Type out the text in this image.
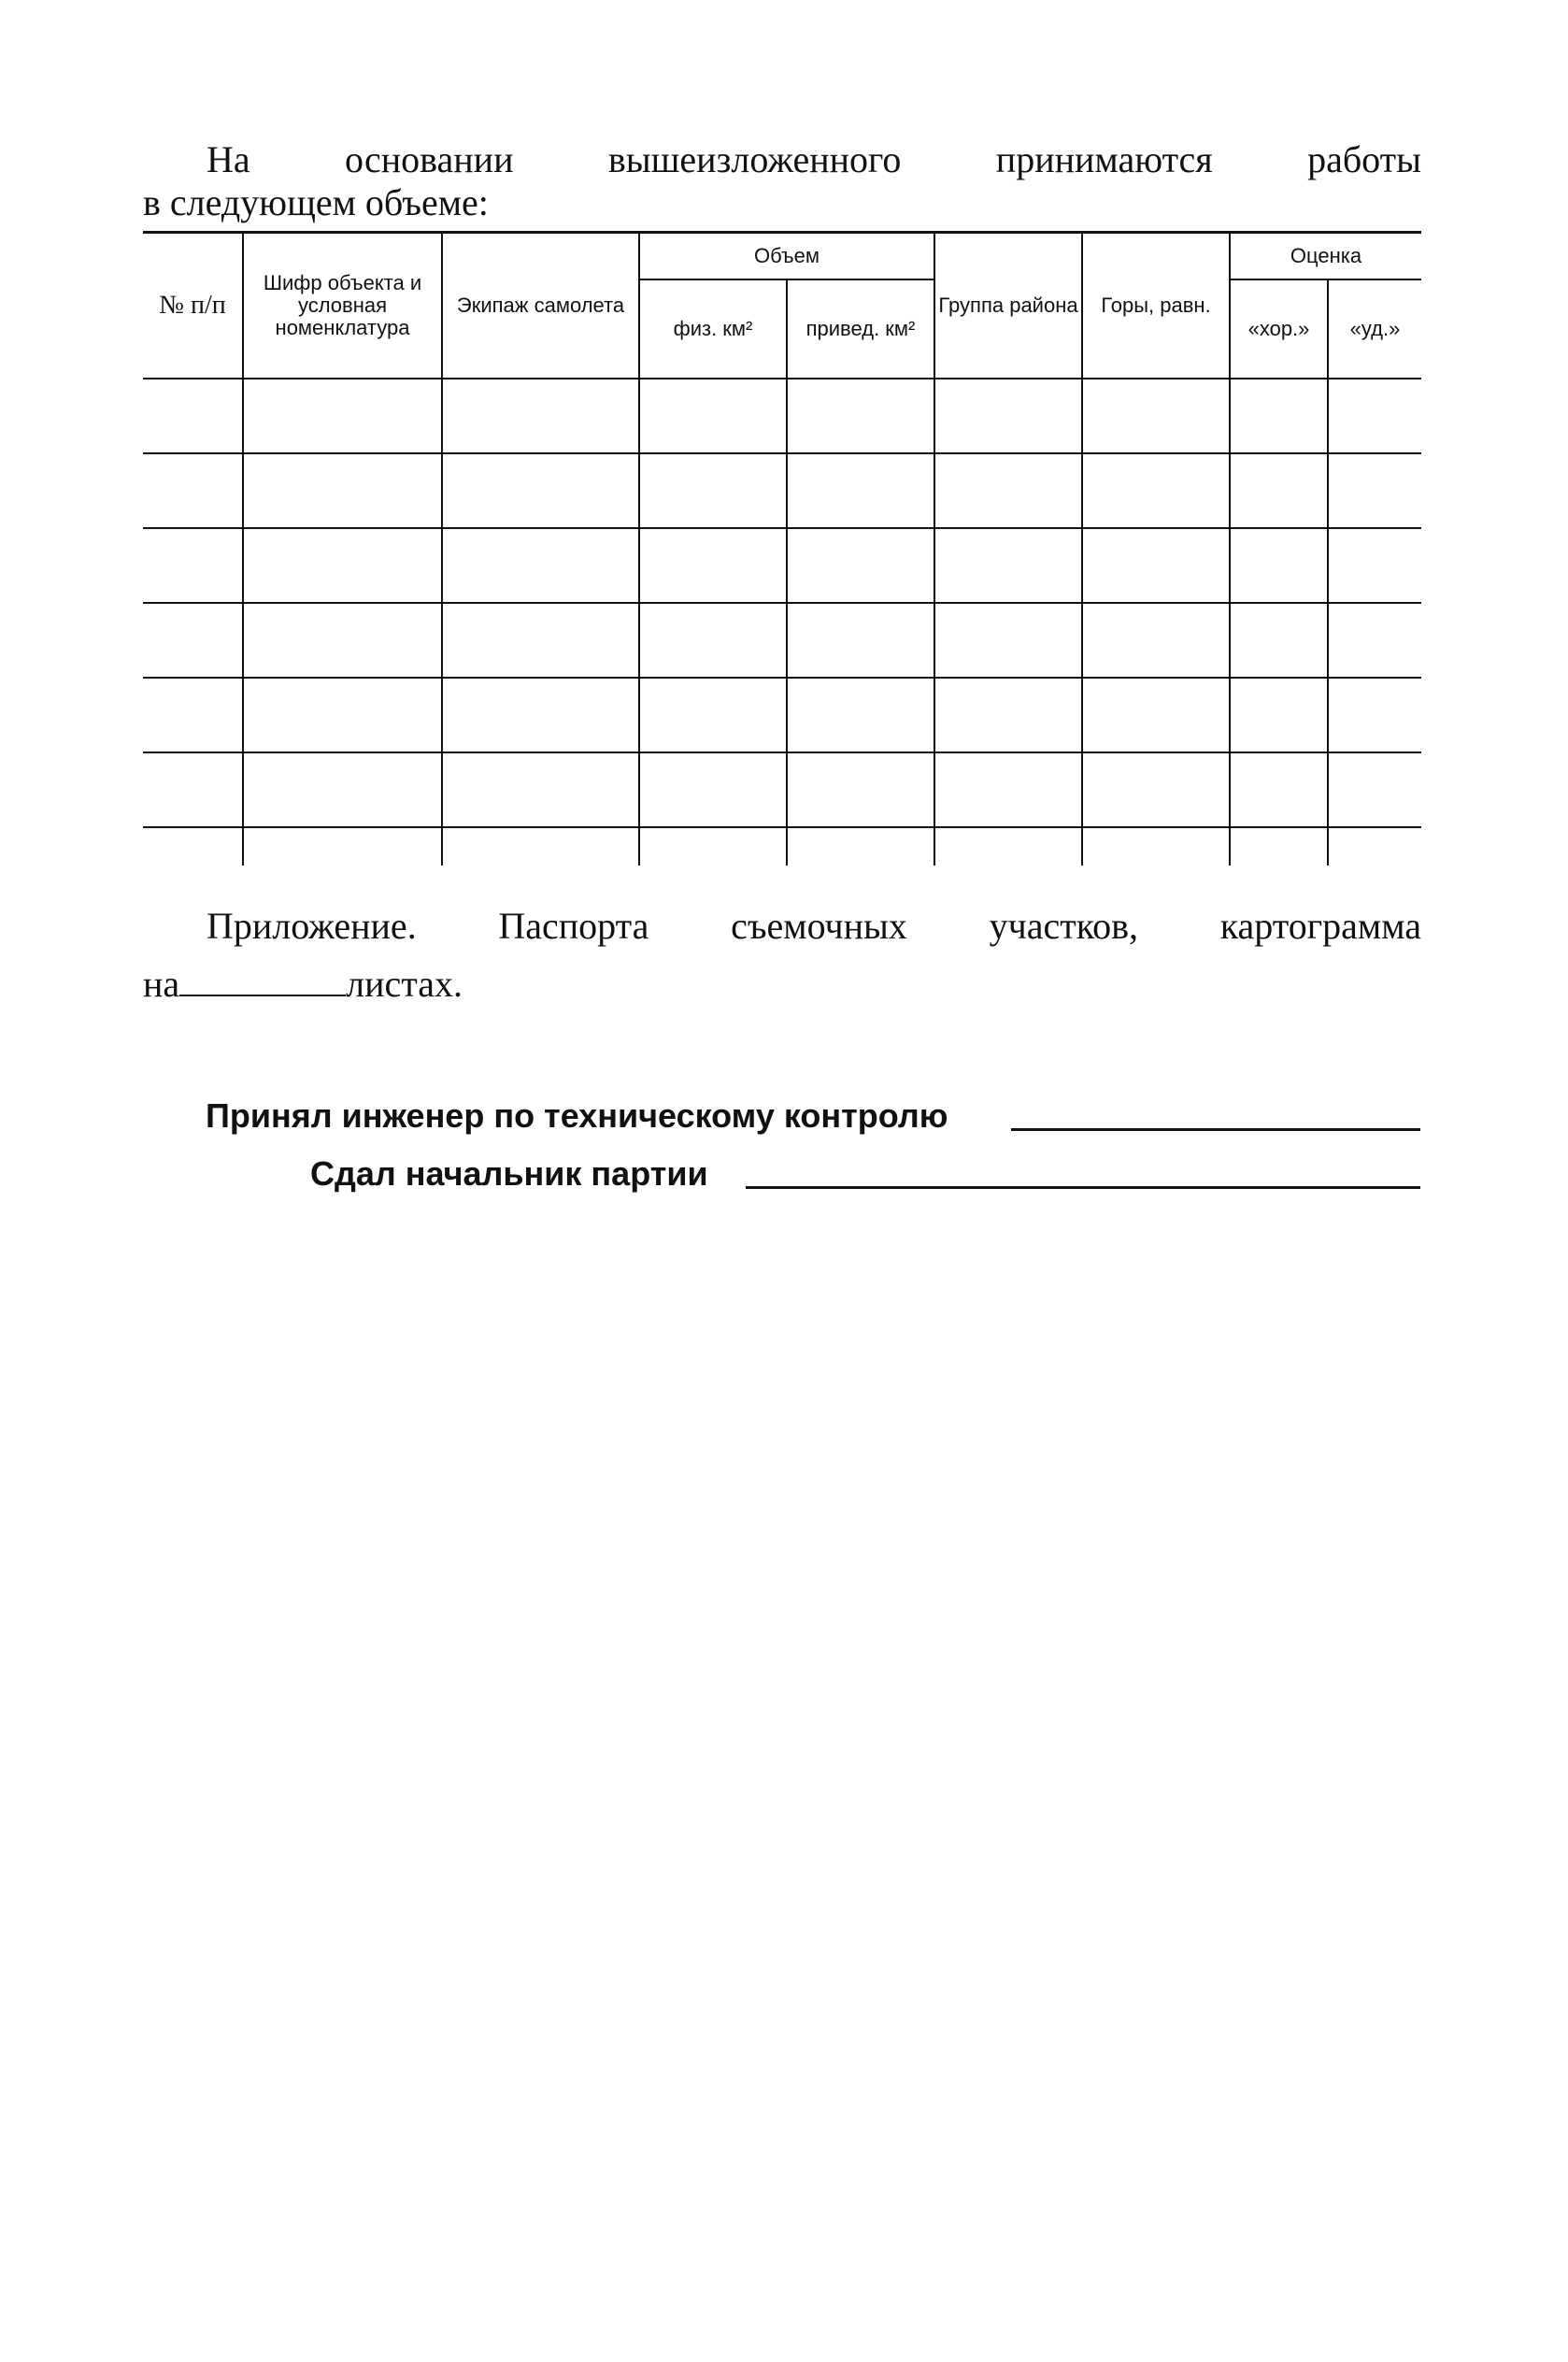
На	основании	вышеизложенного	принимаются	работы
в следующем объеме:
№ п/п	Шифр объекта и условная номенклатура	Экипаж самолета	Объем		Группа района	Горы, равн.	Оценка	
			физ. км²	привед. км²			«хор.»	«уд.»

Приложение. Паспорта съемочных участков, картограмма
на	листах.
Принял инженер по техническому контролю
Сдал начальник партии
